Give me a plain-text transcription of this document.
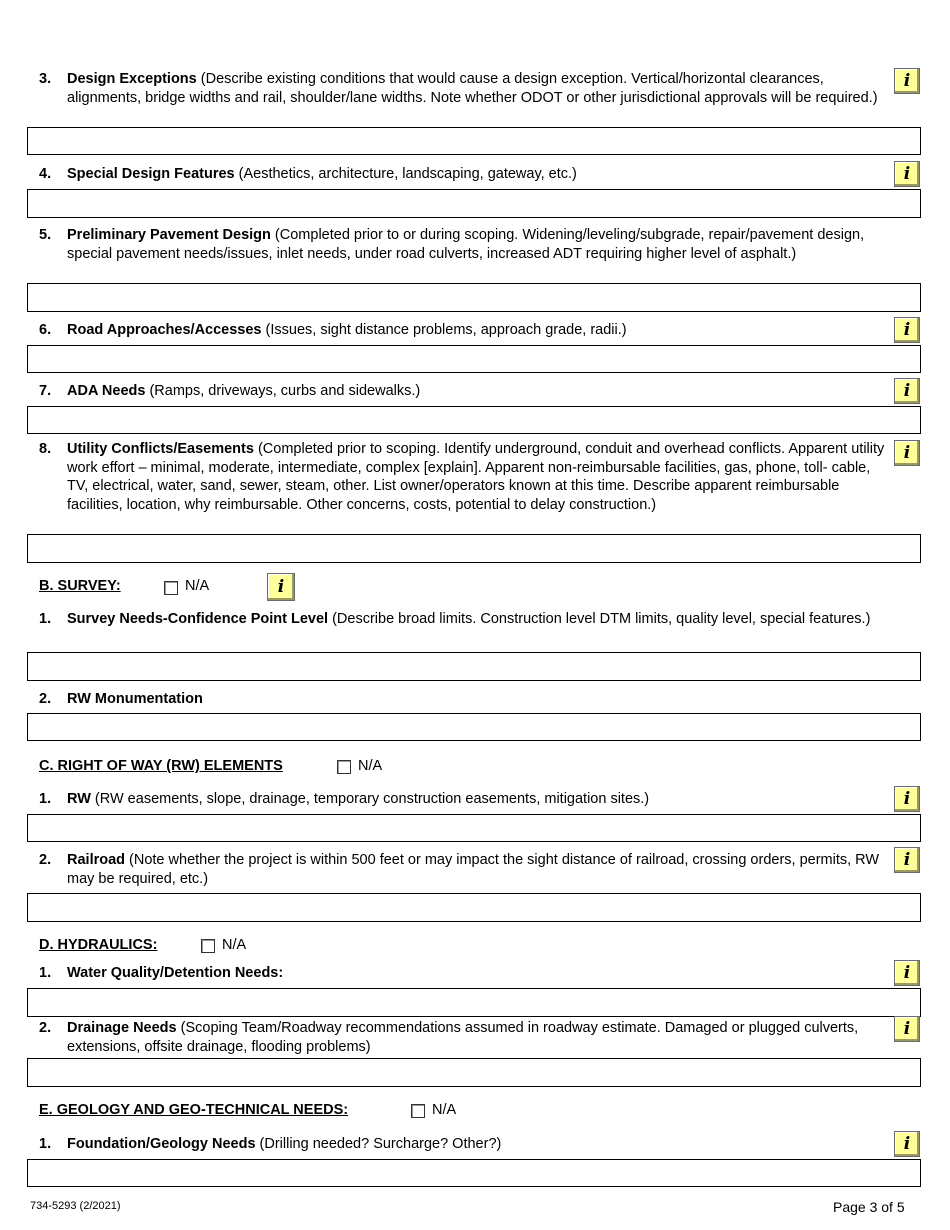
3. Design Exceptions (Describe existing conditions that would cause a design exception. Vertical/horizontal clearances, alignments, bridge widths and rail, shoulder/lane widths. Note whether ODOT or other jurisdictional approvals will be required.)
i
4. Special Design Features (Aesthetics, architecture, landscaping, gateway, etc.)	i
5. Preliminary Pavement Design (Completed prior to or during scoping. Widening/leveling/subgrade, repair/pavement design, special pavement needs/issues, inlet needs, under road culverts, increased ADT requiring higher level of asphalt.)
6. Road Approaches/Accesses (Issues, sight distance problems, approach grade, radii.)	i
7. ADA Needs (Ramps, driveways, curbs and sidewalks.)	i
8. Utility Conflicts/Easements (Completed prior to scoping. Identify underground, conduit and overhead conflicts. Apparent utility work effort – minimal, moderate, intermediate, complex [explain]. Apparent non-reimbursable facilities, gas, phone, toll- cable, TV, electrical, water, sand, sewer, steam, other. List owner/operators known at this time. Describe apparent reimbursable facilities, location, why reimbursable. Other concerns, costs, potential to delay construction.)
i
B. SURVEY:	N/A	i
1. Survey Needs-Confidence Point Level (Describe broad limits. Construction level DTM limits, quality level, special features.)
2. RW Monumentation
C. RIGHT OF WAY (RW) ELEMENTS	N/A
1. RW (RW easements, slope, drainage, temporary construction easements, mitigation sites.)	i
2. Railroad (Note whether the project is within 500 feet or may impact the sight distance of railroad, crossing orders, permits, RW may be required, etc.)
i
D. HYDRAULICS:	N/A
1. Water Quality/Detention Needs:	i
2. Drainage Needs (Scoping Team/Roadway recommendations assumed in roadway estimate. Damaged or plugged culverts, extensions, offsite drainage, flooding problems)
i
E. GEOLOGY AND GEO-TECHNICAL NEEDS:	N/A
1. Foundation/Geology Needs (Drilling needed? Surcharge? Other?)	i
734-5293 (2/2021)	Page 3 of 5
